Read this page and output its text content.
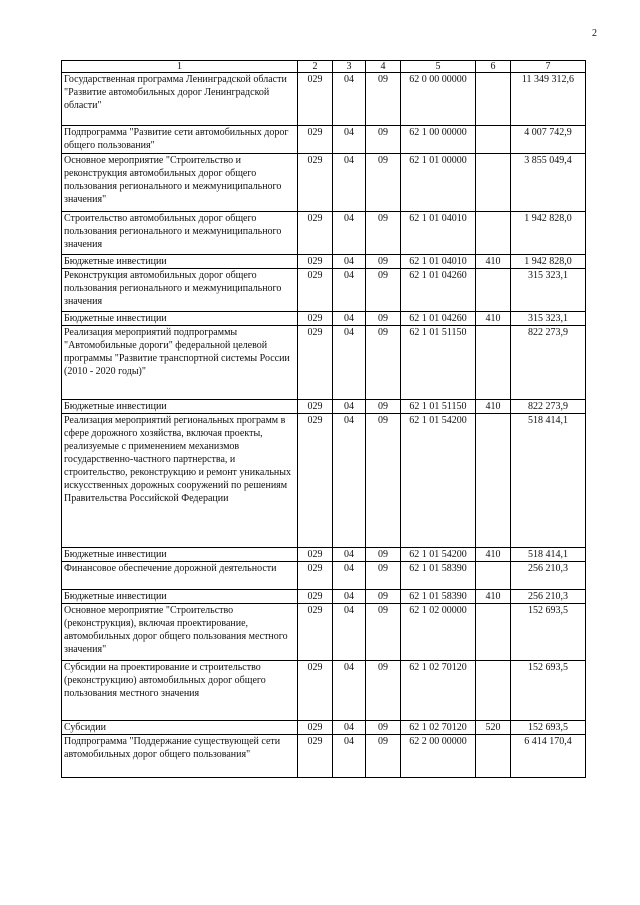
2
1	2	3	4	5	6	7
Государственная программа Ленинградской области "Развитие автомобильных дорог Ленинградской области"	029	04	09	62 0 00 00000		11 349 312,6
Подпрограмма "Развитие сети автомобильных дорог общего пользования"	029	04	09	62 1 00 00000		4 007 742,9
Основное мероприятие "Строительство и реконструкция автомобильных дорог общего пользования регионального и межмуниципального значения"	029	04	09	62 1 01 00000		3 855 049,4
Строительство автомобильных дорог общего пользования регионального и межмуниципального значения	029	04	09	62 1 01 04010		1 942 828,0
Бюджетные инвестиции	029	04	09	62 1 01 04010	410	1 942 828,0
Реконструкция автомобильных дорог общего пользования регионального и межмуниципального значения	029	04	09	62 1 01 04260		315 323,1
Бюджетные инвестиции	029	04	09	62 1 01 04260	410	315 323,1
Реализация мероприятий подпрограммы "Автомобильные дороги" федеральной целевой программы "Развитие транспортной системы России (2010 - 2020 годы)"	029	04	09	62 1 01 51150		822 273,9
Бюджетные инвестиции	029	04	09	62 1 01 51150	410	822 273,9
Реализация мероприятий региональных программ в сфере дорожного хозяйства, включая проекты, реализуемые с применением механизмов государственно-частного партнерства, и строительство, реконструкцию и ремонт уникальных искусственных дорожных сооружений по решениям Правительства Российской Федерации	029	04	09	62 1 01 54200		518 414,1
Бюджетные инвестиции	029	04	09	62 1 01 54200	410	518 414,1
Финансовое обеспечение дорожной деятельности	029	04	09	62 1 01 58390		256 210,3
Бюджетные инвестиции	029	04	09	62 1 01 58390	410	256 210,3
Основное мероприятие "Строительство (реконструкция), включая проектирование, автомобильных дорог общего пользования местного значения"	029	04	09	62 1 02 00000		152 693,5
Субсидии на проектирование и строительство (реконструкцию) автомобильных дорог общего пользования местного значения	029	04	09	62 1 02 70120		152 693,5
Субсидии	029	04	09	62 1 02 70120	520	152 693,5
Подпрограмма "Поддержание существующей сети автомобильных дорог общего пользования"	029	04	09	62 2 00 00000		6 414 170,4
